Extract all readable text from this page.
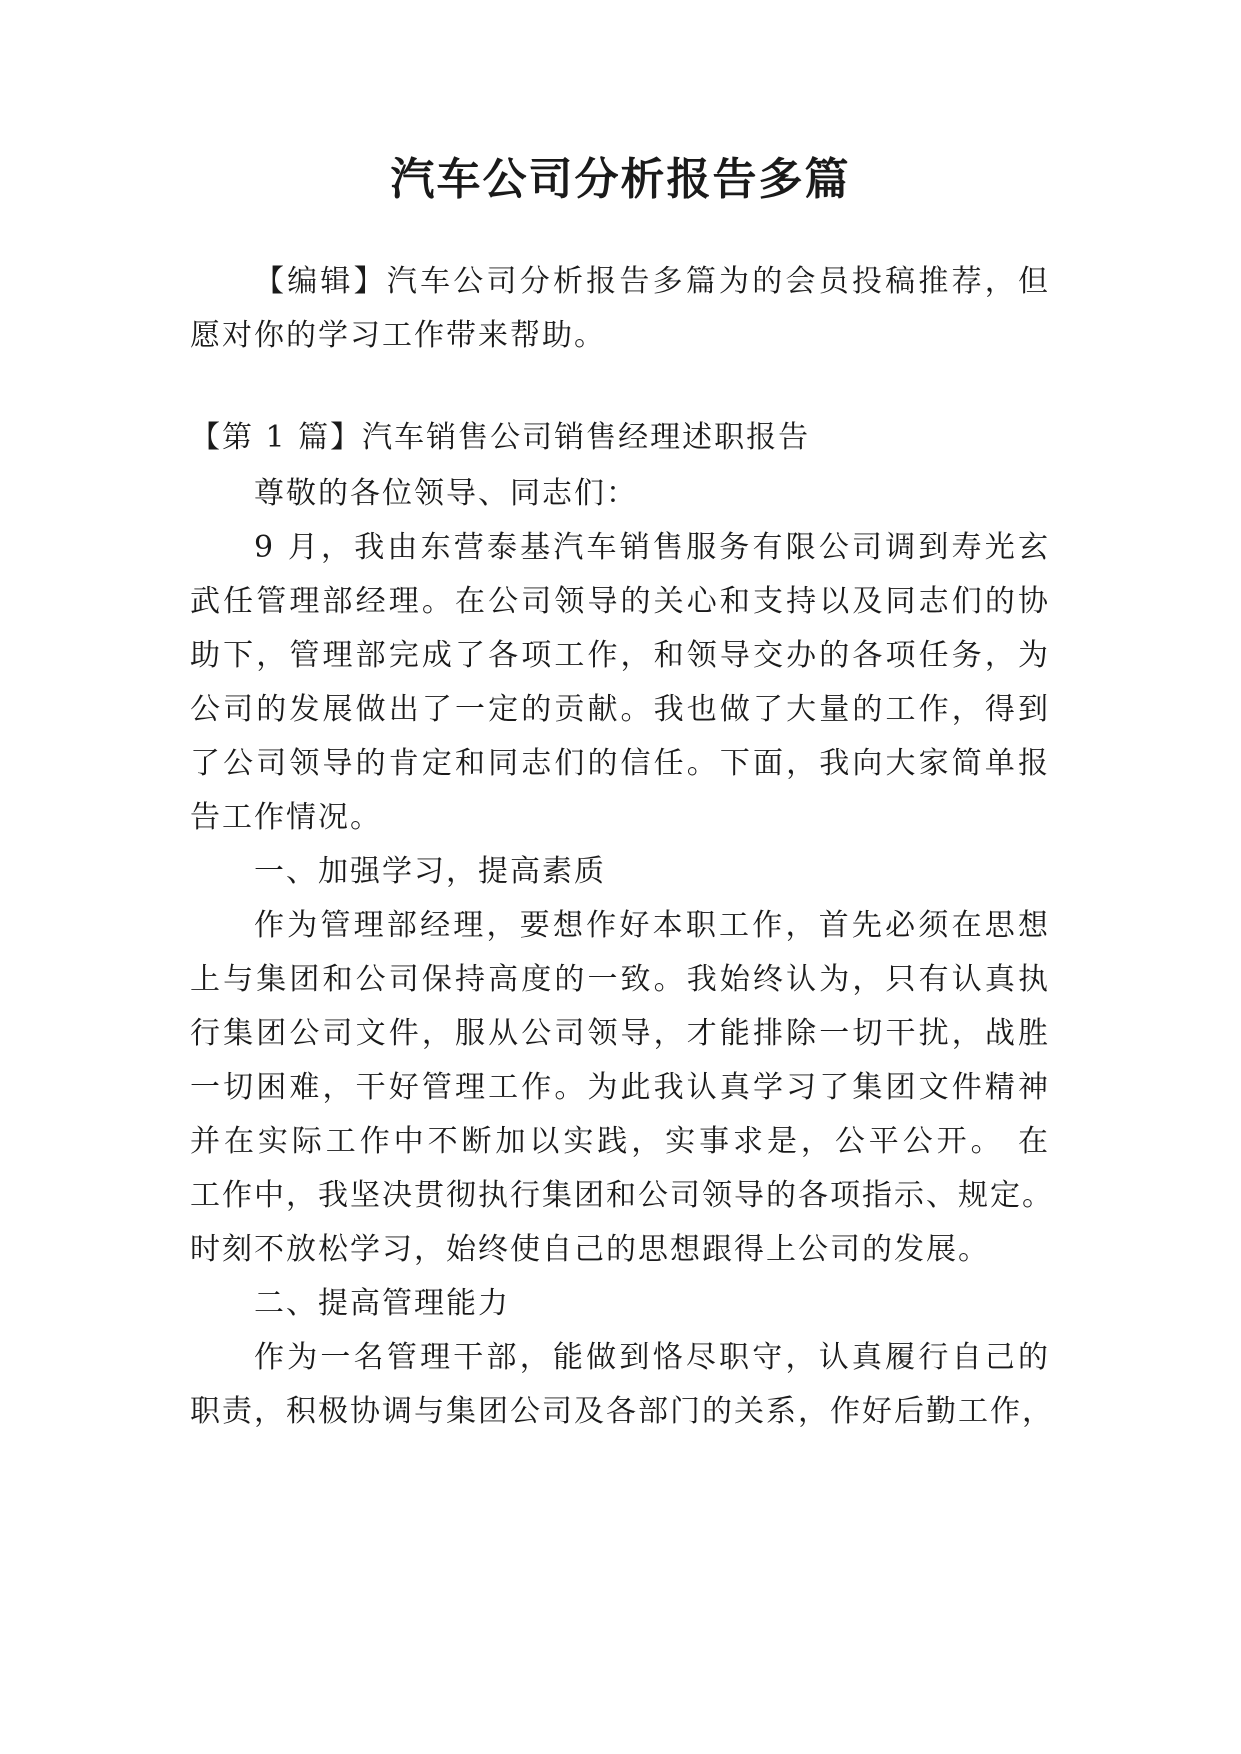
汽车公司分析报告多篇
【编辑】汽车公司分析报告多篇为的会员投稿推荐，但
愿对你的学习工作带来帮助。
【第 1 篇】汽车销售公司销售经理述职报告
尊敬的各位领导、同志们：
9 月，我由东营泰基汽车销售服务有限公司调到寿光玄
武任管理部经理。在公司领导的关心和支持以及同志们的协
助下，管理部完成了各项工作，和领导交办的各项任务，为
公司的发展做出了一定的贡献。我也做了大量的工作，得到
了公司领导的肯定和同志们的信任。下面，我向大家简单报
告工作情况。
一、加强学习，提高素质
作为管理部经理，要想作好本职工作，首先必须在思想
上与集团和公司保持高度的一致。我始终认为，只有认真执
行集团公司文件，服从公司领导，才能排除一切干扰，战胜
一切困难，干好管理工作。为此我认真学习了集团文件精神
并在实际工作中不断加以实践，实事求是，公平公开。 在
工作中，我坚决贯彻执行集团和公司领导的各项指示、规定。
时刻不放松学习，始终使自己的思想跟得上公司的发展。
二、提高管理能力
作为一名管理干部，能做到恪尽职守，认真履行自己的
职责，积极协调与集团公司及各部门的关系，作好后勤工作，
